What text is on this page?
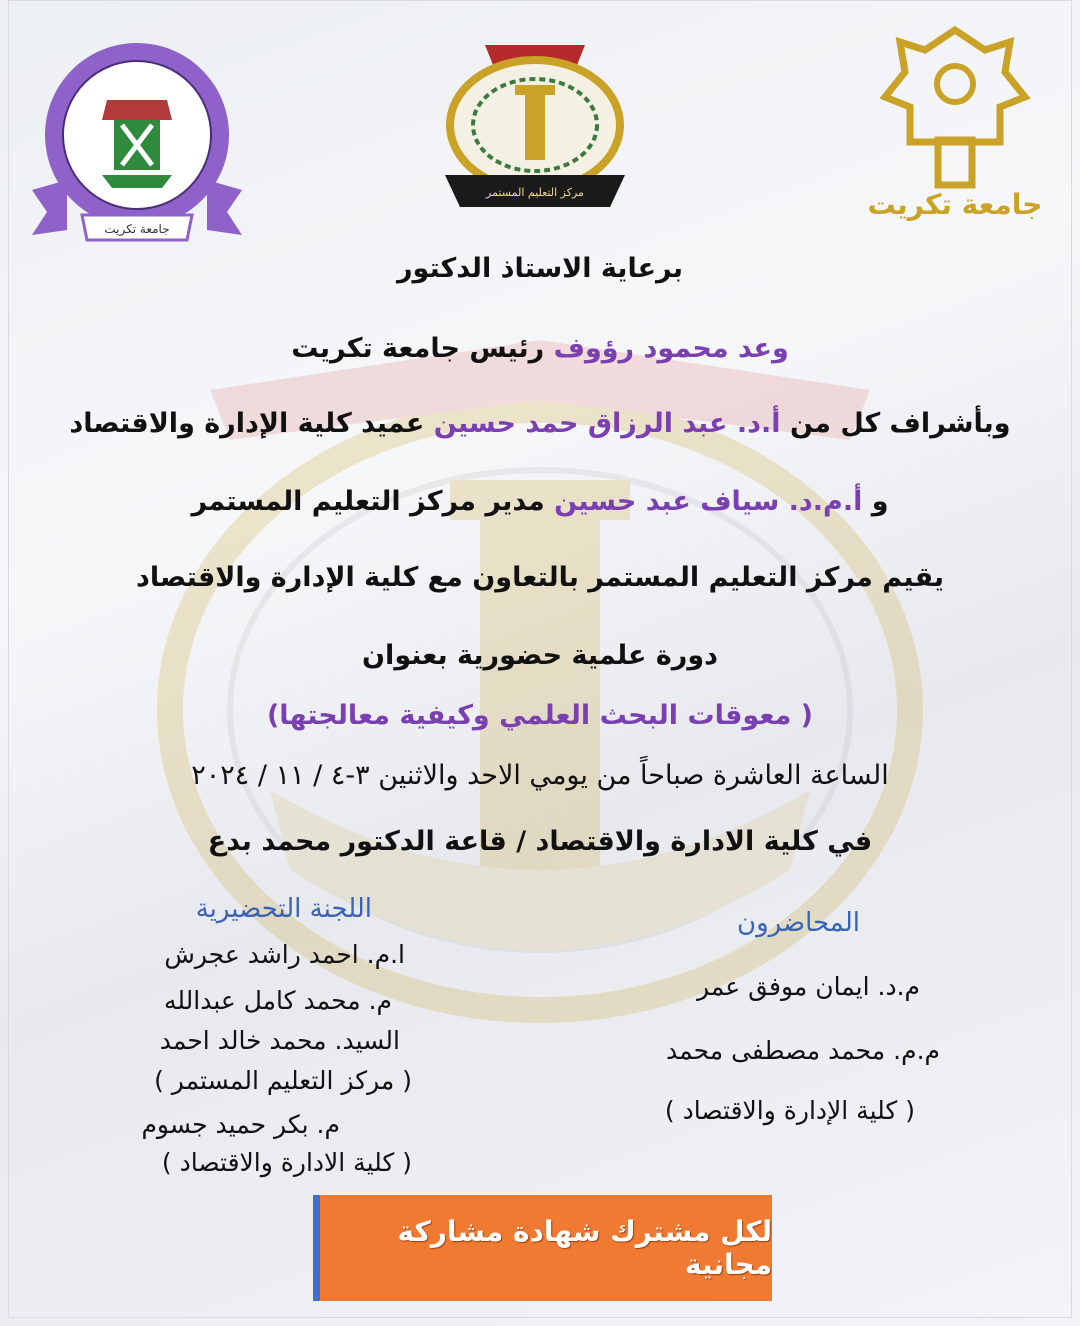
جامعة تكريت
مركز التعليم المستمر	جامعة تكريت
برعاية الاستاذ الدكتور
وعد محمود رؤوف رئيس جامعة تكريت
وبأشراف كل من أ.د. عبد الرزاق حمد حسين عميد كلية الإدارة والاقتصاد
و أ.م.د. سياف عبد حسين مدير مركز التعليم المستمر
يقيم مركز التعليم المستمر بالتعاون مع كلية الإدارة والاقتصاد
دورة علمية حضورية بعنوان
( معوقات البحث العلمي وكيفية معالجتها)
الساعة العاشرة صباحاً من يومي الاحد والاثنين ٣-٤ / ١١ / ٢٠٢٤
في كلية الادارة والاقتصاد / قاعة الدكتور محمد بدع
المحاضرون
م.د. ايمان موفق عمر
م.م. محمد مصطفى محمد
( كلية الإدارة والاقتصاد )
اللجنة التحضيرية
ا.م. احمد راشد عجرش
م. محمد كامل عبدالله
السيد. محمد خالد احمد
( مركز التعليم المستمر )
م. بكر حميد جسوم
( كلية الادارة والاقتصاد )
لكل مشترك شهادة مشاركة مجانية
